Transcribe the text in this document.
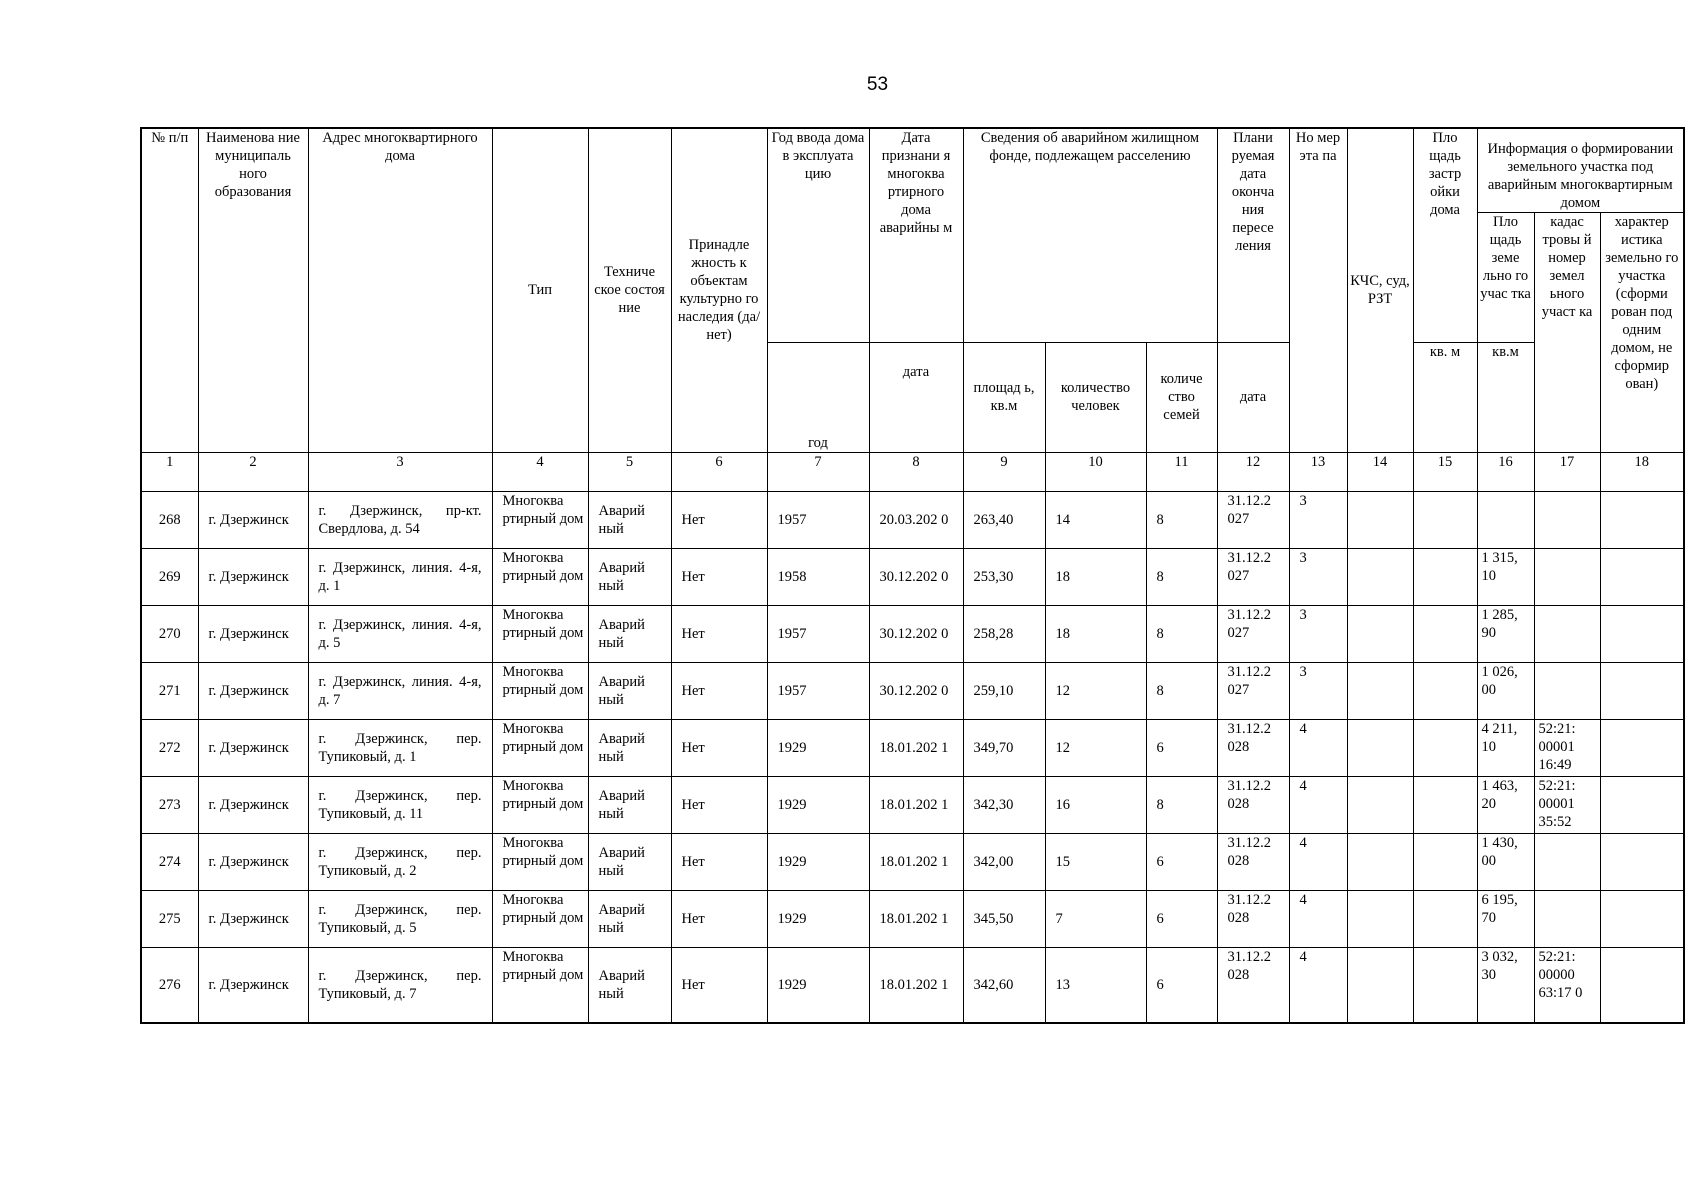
53
№ п/п	Наименова ние муниципаль ного образования	Адрес многоквартирного дома	Тип	Техниче ское состоя ние	Принадле жность к объектам культурно го наследия (да/нет)	Год ввода дома в эксплуата цию	Дата признани я многоква ртирного дома аварийны м	Сведения об аварийном жилищном фонде, подлежащем расселению			Плани руемая дата оконча ния пересе ления	Но мер эта па	КЧС, суд, РЗТ	Пло щадь застр ойки дома	Информация о формировании земельного участка под аварийным многоквартирным домом		
															Пло щадь земе льно го учас тка	кадас тровы й номер земел ьного участ ка	характер истика земельно го участка (сформи рован под одним домом, не сформир ован)
						год	дата	площад ь, кв.м	количество человек	количе ство семей	дата			кв. м	кв.м		
1	2	3	4	5	6	7	8	9	10	11	12	13	14	15	16	17	18
268	г. Дзержинск	г. Дзержинск, пр-кт. Свердлова, д. 54	Многоква ртирный дом	Аварий ный	Нет	1957	20.03.202 0	263,40	14	8	31.12.2 027	3					
269	г. Дзержинск	г. Дзержинск, линия. 4-я, д. 1	Многоква ртирный дом	Аварий ный	Нет	1958	30.12.202 0	253,30	18	8	31.12.2 027	3			1 315, 10		
270	г. Дзержинск	г. Дзержинск, линия. 4-я, д. 5	Многоква ртирный дом	Аварий ный	Нет	1957	30.12.202 0	258,28	18	8	31.12.2 027	3			1 285, 90		
271	г. Дзержинск	г. Дзержинск, линия. 4-я, д. 7	Многоква ртирный дом	Аварий ный	Нет	1957	30.12.202 0	259,10	12	8	31.12.2 027	3			1 026, 00		
272	г. Дзержинск	г. Дзержинск, пер. Тупиковый, д. 1	Многоква ртирный дом	Аварий ный	Нет	1929	18.01.202 1	349,70	12	6	31.12.2 028	4			4 211, 10	52:21: 00001 16:49	
273	г. Дзержинск	г. Дзержинск, пер. Тупиковый, д. 11	Многоква ртирный дом	Аварий ный	Нет	1929	18.01.202 1	342,30	16	8	31.12.2 028	4			1 463, 20	52:21: 00001 35:52	
274	г. Дзержинск	г. Дзержинск, пер. Тупиковый, д. 2	Многоква ртирный дом	Аварий ный	Нет	1929	18.01.202 1	342,00	15	6	31.12.2 028	4			1 430, 00		
275	г. Дзержинск	г. Дзержинск, пер. Тупиковый, д. 5	Многоква ртирный дом	Аварий ный	Нет	1929	18.01.202 1	345,50	7	6	31.12.2 028	4			6 195, 70		
276	г. Дзержинск	г. Дзержинск, пер. Тупиковый, д. 7	Многоква ртирный дом	Аварий ный	Нет	1929	18.01.202 1	342,60	13	6	31.12.2 028	4			3 032, 30	52:21: 00000 63:17 0	
